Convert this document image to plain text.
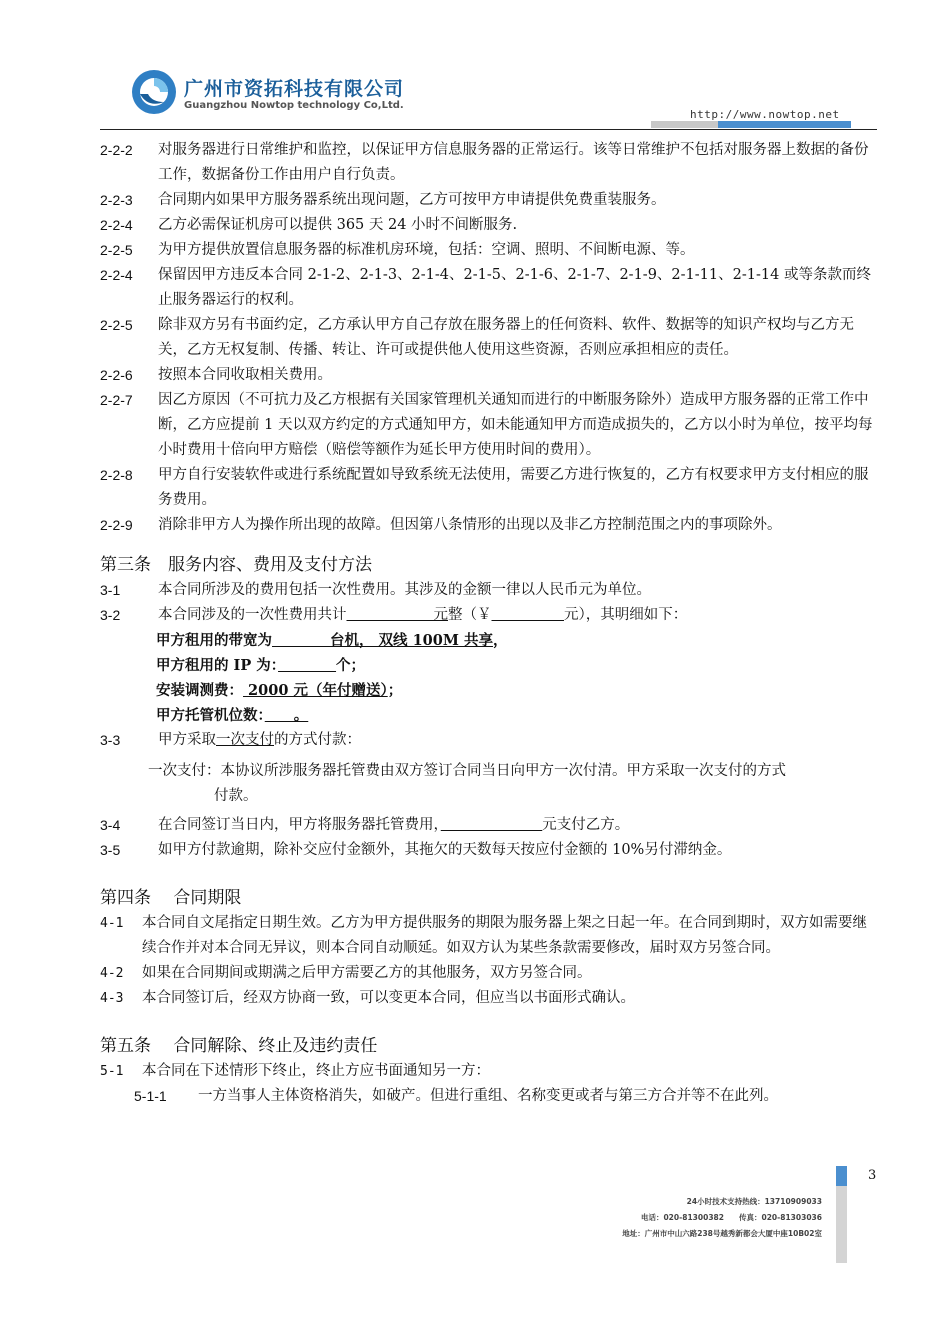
广州市资拓科技有限公司
Guangzhou Nowtop technology Co,Ltd.
http://www.nowtop.net
2-2-2	对服务器进行日常维护和监控，以保证甲方信息服务器的正常运行。该等日常维护不包括对服务器上数据的备份工作，数据备份工作由用户自行负责。
2-2-3	合同期内如果甲方服务器系统出现问题，乙方可按甲方申请提供免费重装服务。
2-2-4	乙方必需保证机房可以提供 365 天 24 小时不间断服务.
2-2-5	为甲方提供放置信息服务器的标准机房环境，包括：空调、照明、不间断电源、等。
2-2-4	保留因甲方违反本合同 2-1-2、2-1-3、2-1-4、2-1-5、2-1-6、2-1-7、2-1-9、2-1-11、2-1-14 或等条款而终止服务器运行的权利。
2-2-5	除非双方另有书面约定，乙方承认甲方自己存放在服务器上的任何资料、软件、数据等的知识产权均与乙方无关，乙方无权复制、传播、转让、许可或提供他人使用这些资源，否则应承担相应的责任。
2-2-6	按照本合同收取相关费用。
2-2-7	因乙方原因（不可抗力及乙方根据有关国家管理机关通知而进行的中断服务除外）造成甲方服务器的正常工作中断，乙方应提前 1 天以双方约定的方式通知甲方，如未能通知甲方而造成损失的，乙方以小时为单位，按平均每小时费用十倍向甲方赔偿（赔偿等额作为延长甲方使用时间的费用）。
2-2-8	甲方自行安装软件或进行系统配置如导致系统无法使用，需要乙方进行恢复的，乙方有权要求甲方支付相应的服务费用。
2-2-9	消除非甲方人为操作所出现的故障。但因第八条情形的出现以及非乙方控制范围之内的事项除外。
第三条　服务内容、费用及支付方法
3-1	本合同所涉及的费用包括一次性费用。其涉及的金额一律以人民币元为单位。
3-2	本合同涉及的一次性费用共计　　　　　　	元整（￥　　　　　	元），其明细如下：
甲方租用的带宽为　　　　	台机， 双线 100M 共享，
甲方租用的 IP 为：　　　　	个；
安装调测费： 2000 元（年付赠送）；
甲方托管机位数：　　。
3-3	甲方采取一次支付的方式付款：
一次支付：本协议所涉服务器托管费由双方签订合同当日向甲方一次付清。甲方采取一次支付的方式
付款。
3-4	在合同签订当日内，甲方将服务器托管费用，　　　　　　　	元支付乙方。
3-5	如甲方付款逾期，除补交应付金额外，其拖欠的天数每天按应付金额的 10%另付滞纳金。
第四条　 合同期限
4-1	本合同自文尾指定日期生效。乙方为甲方提供服务的期限为服务器上架之日起一年。在合同到期时，双方如需要继续合作并对本合同无异议，则本合同自动顺延。如双方认为某些条款需要修改，届时双方另签合同。
4-2	如果在合同期间或期满之后甲方需要乙方的其他服务，双方另签合同。
4-3	本合同签订后，经双方协商一致，可以变更本合同，但应当以书面形式确认。
第五条　 合同解除、终止及违约责任
5-1	本合同在下述情形下终止，终止方应书面通知另一方：
5-1-1	一方当事人主体资格消失，如破产。但进行重组、名称变更或者与第三方合并等不在此列。
3
24小时技术支持热线：13710909033
电话：020-81300382　　传真：020-81303036
地址：广州市中山六路238号越秀新都会大厦中座10B02室
